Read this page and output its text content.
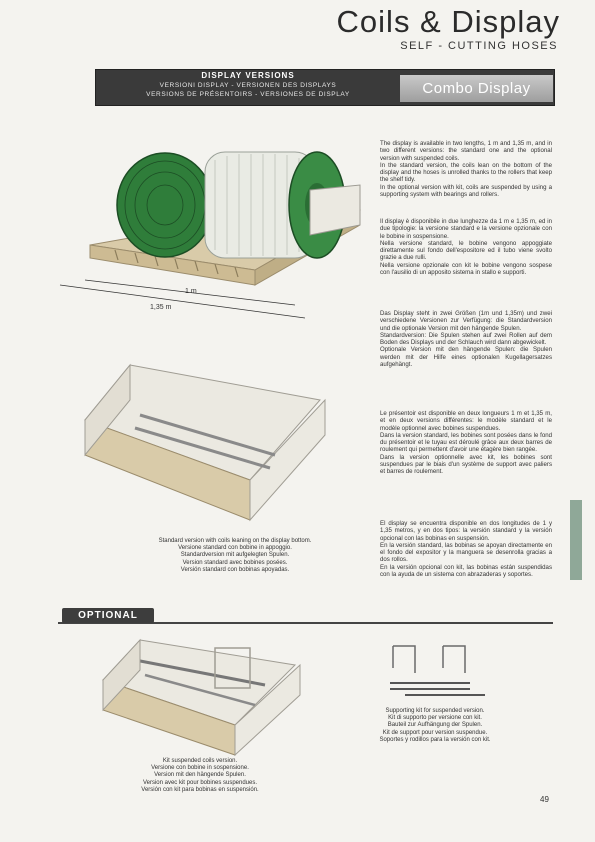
Coils & Display
SELF - CUTTING HOSES
DISPLAY VERSIONS
VERSIONI DISPLAY - VERSIONEN DES DISPLAYS
VERSIONS DE PRÉSENTOIRS - VERSIONES DE DISPLAY	Combo Display
1 m
1,35 m
Standard version with coils leaning on the display bottom.
Versione standard con bobine in appoggio.
Standardversion mit aufgelegten Spulen.
Version standard avec bobines posées.
Versión standard con bobinas apoyadas.
The display is available in two lengths, 1 m and 1,35 m, and in two different versions: the standard one and the optional version with suspended coils.
In the standard version, the coils lean on the bottom of the display and the hoses is unrolled thanks to the rollers that keep the shelf tidy.
In the optional version with kit, coils are suspended by using a supporting system with bearings and rollers.
Il display è disponibile in due lunghezze da 1 m e 1,35 m, ed in due tipologie: la versione standard e la versione opzionale con le bobine in sospensione.
Nella versione standard, le bobine vengono appoggiate direttamente sul fondo dell'espositore ed il tubo viene svolto grazie a due rulli.
Nella versione opzionale con kit le bobine vengono sospese con l'ausilio di un apposito sistema in stallo e supporti.
Das Display steht in zwei Größen (1m und 1,35m) und zwei verschiedene Versionen zur Verfügung: die Standardversion und die optionale Version mit den hängende Spulen.
Standardversion: Die Spulen stehen auf zwei Rollen auf dem Boden des Displays und der Schlauch wird dann abgewickelt.
Optionale Version mit den hängende Spulen: die Spulen werden mit der Hilfe eines optionalen Kugellagersatzes aufgehängt.
Le présentoir est disponible en deux longueurs 1 m et 1,35 m, et en deux versions différentes: le modèle standard et le modèle optionnel avec bobines suspendues.
Dans la version standard, les bobines sont posées dans le fond du présentoir et le tuyau est déroulé grâce aux deux barres de roulement qui permettent d'avoir une étagère bien rangée.
Dans la version optionnelle avec kit, les bobines sont suspendues par le biais d'un système de support avec paliers et barres de roulement.
El display se encuentra disponible en dos longitudes de 1 y 1,35 metros, y en dos tipos: la versión standard y la versión opcional con las bobinas en suspensión.
En la versión standard, las bobinas se apoyan directamente en el fondo del expositor y la manguera se desenrolla gracias a dos rollos.
En la versión opcional con kit, las bobinas están suspendidas con la ayuda de un sistema con abrazaderas y soportes.
OPTIONAL
Kit suspended coils version.
Versione con bobine in sospensione.
Version mit den hängende Spulen.
Version avec kit pour bobines suspendues.
Versión con kit para bobinas en suspensión.
Supporting kit for suspended version.
Kit di supporto per versione con kit.
Bauteil zur Aufhängung der Spulen.
Kit de support pour version suspendue.
Soportes y rodillos para la versión con kit.
49
